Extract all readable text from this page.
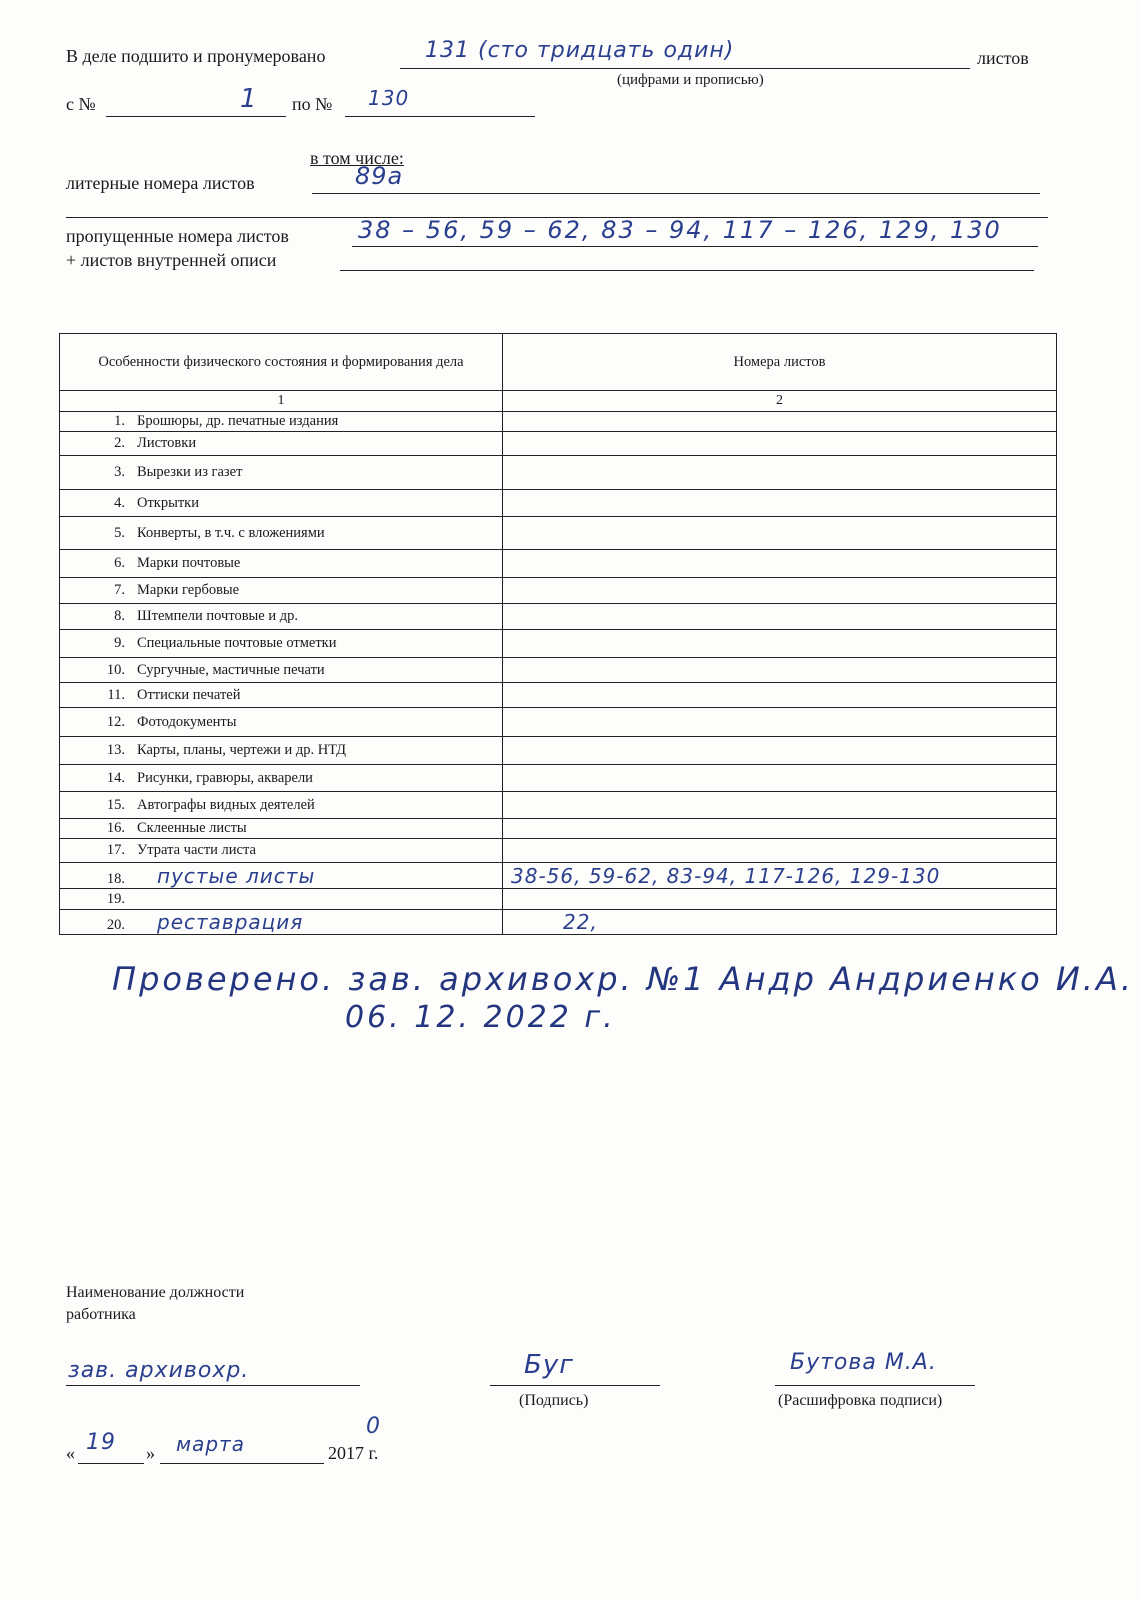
В деле подшито и пронумеровано	131 (сто тридцать один)	листов
(цифрами и прописью)
с №	1 по № 130
в том числе:
литерные номера листов	89а
пропущенные номера листов	38 – 56, 59 – 62, 83 – 94, 117 – 126, 129, 130
+ листов внутренней описи
Особенности физического состояния и формирования дела	Номера листов
1	2
1. Брошюры, др. печатные издания	
2. Листовки	
3. Вырезки из газет	
4. Открытки	
5. Конверты, в т.ч. с вложениями	
6. Марки почтовые	
7. Марки гербовые	
8. Штемпели почтовые и др.	
9. Специальные почтовые отметки	
10. Сургучные, мастичные печати	
11. Оттиски печатей	
12. Фотодокументы	
13. Карты, планы, чертежи и др. НТД	
14. Рисунки, гравюры, акварели	
15. Автографы видных деятелей	
16. Склеенные листы	
17. Утрата части листа	
18. пустые листы	38-56, 59-62, 83-94, 117-126, 129-130
19.	
20. реставрация	22,
Проверено. зав. архивохр. №1 Андр Андриенко И.А.
06. 12. 2022 г.
Наименование должности
работника
зав. архивохр.	Буг
(Подпись)
Бутова М.А.
(Расшифровка подписи)
« 19 » марта	2017 г.
0
